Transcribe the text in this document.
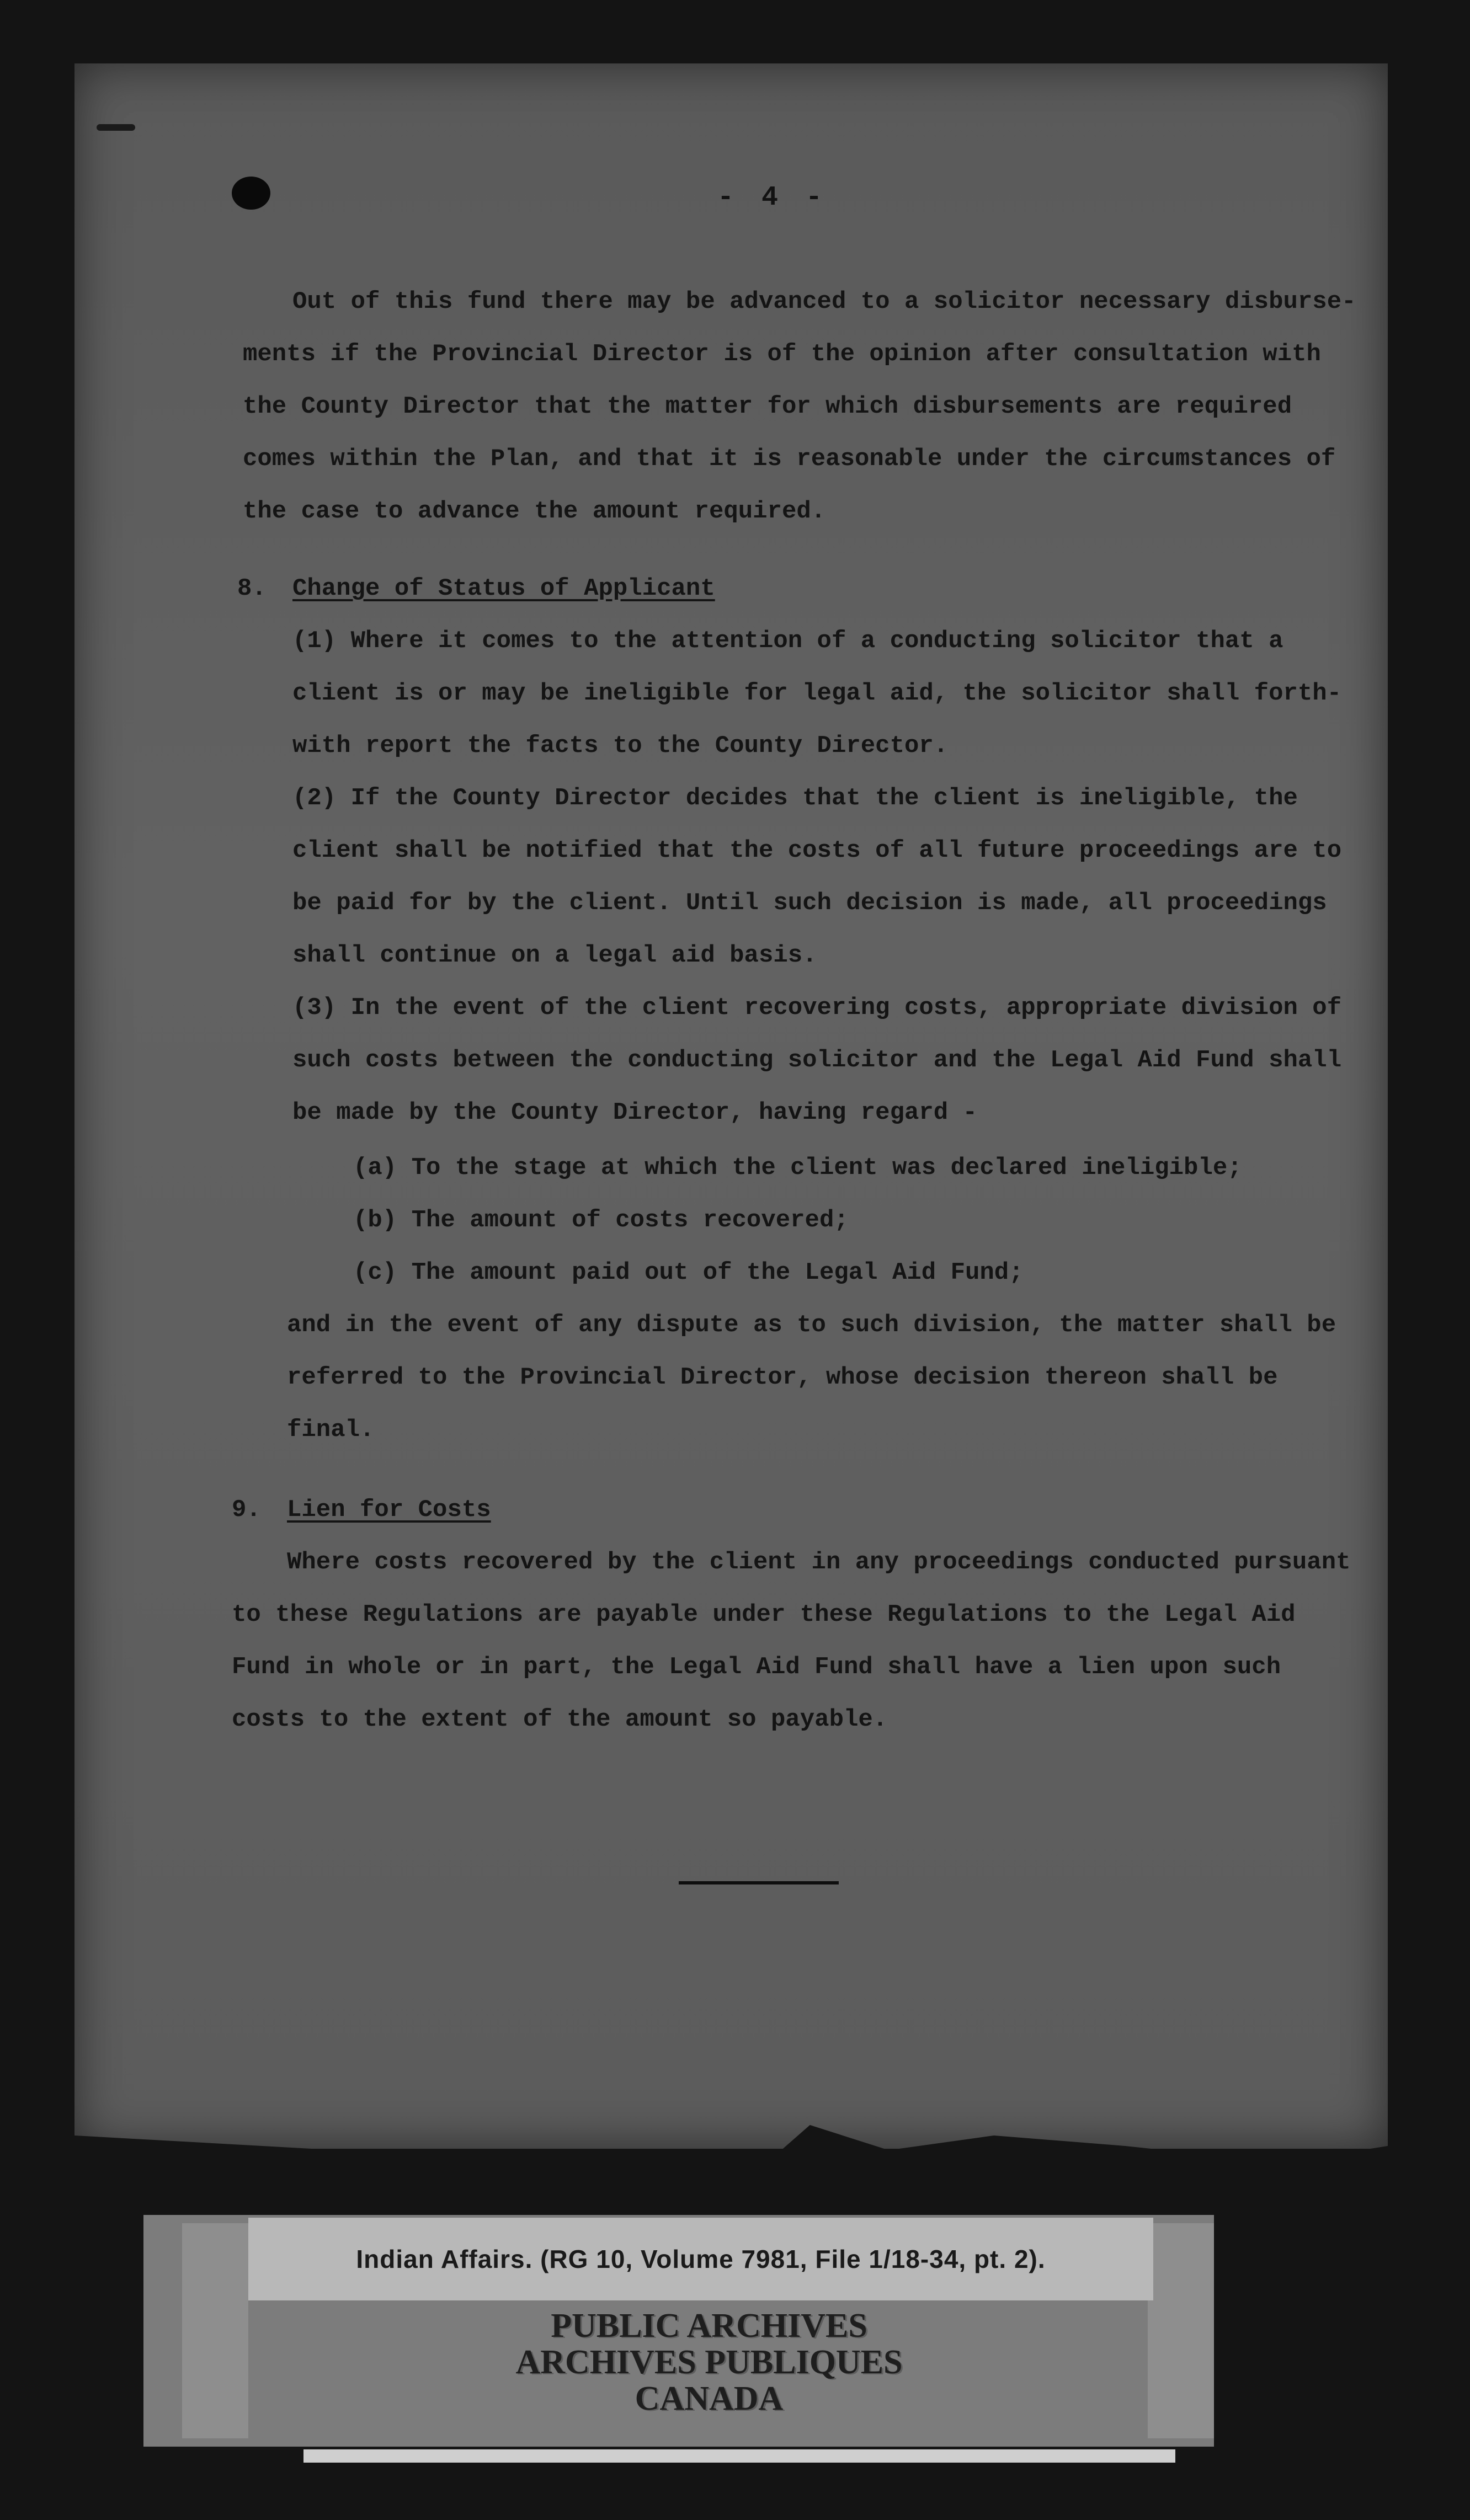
- 4 -
Out of this fund there may be advanced to a solicitor necessary disburse-
ments if the Provincial Director is of the opinion after consultation with
the County Director that the matter for which disbursements are required
comes within the Plan, and that it is reasonable under the circumstances of
the case to advance the amount required.
8. Change of Status of Applicant
(1) Where it comes to the attention of a conducting solicitor that a
client is or may be ineligible for legal aid, the solicitor shall forth-
with report the facts to the County Director.
(2) If the County Director decides that the client is ineligible, the
client shall be notified that the costs of all future proceedings are to
be paid for by the client. Until such decision is made, all proceedings
shall continue on a legal aid basis.
(3) In the event of the client recovering costs, appropriate division of
such costs between the conducting solicitor and the Legal Aid Fund shall
be made by the County Director, having regard -
(a) To the stage at which the client was declared ineligible;
(b) The amount of costs recovered;
(c) The amount paid out of the Legal Aid Fund;
and in the event of any dispute as to such division, the matter shall be
referred to the Provincial Director, whose decision thereon shall be
final.
9. Lien for Costs
Where costs recovered by the client in any proceedings conducted pursuant
to these Regulations are payable under these Regulations to the Legal Aid
Fund in whole or in part, the Legal Aid Fund shall have a lien upon such
costs to the extent of the amount so payable.
Indian Affairs. (RG 10, Volume 7981, File 1/18-34, pt. 2).
PUBLIC ARCHIVES
ARCHIVES PUBLIQUES
CANADA
